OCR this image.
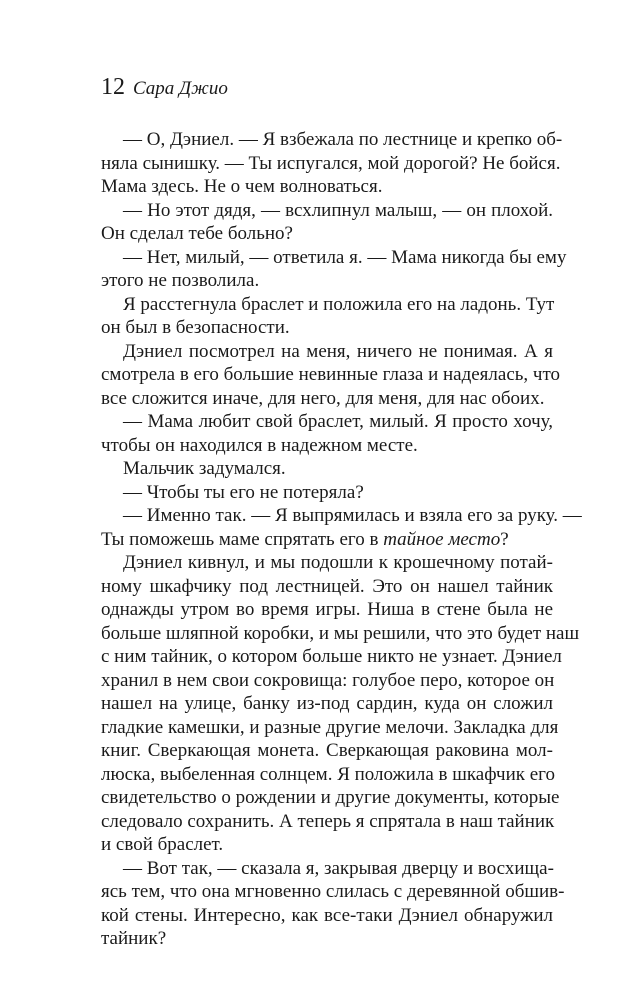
12 Сара Джио
— О, Дэниел. — Я взбежала по лестнице и крепко об-
няла сынишку. — Ты испугался, мой дорогой? Не бойся.
Мама здесь. Не о чем волноваться.
— Но этот дядя, — всхлипнул малыш, — он плохой.
Он сделал тебе больно?
— Нет, милый, — ответила я. — Мама никогда бы ему
этого не позволила.
Я расстегнула браслет и положила его на ладонь. Тут
он был в безопасности.
Дэниел посмотрел на меня, ничего не понимая. А я
смотрела в его большие невинные глаза и надеялась, что
все сложится иначе, для него, для меня, для нас обоих.
— Мама любит свой браслет, милый. Я просто хочу,
чтобы он находился в надежном месте.
Мальчик задумался.
— Чтобы ты его не потеряла?
— Именно так. — Я выпрямилась и взяла его за руку. —
Ты поможешь маме спрятать его в тайное место?
Дэниел кивнул, и мы подошли к крошечному потай-
ному шкафчику под лестницей. Это он нашел тайник
однажды утром во время игры. Ниша в стене была не
больше шляпной коробки, и мы решили, что это будет наш
с ним тайник, о котором больше никто не узнает. Дэниел
хранил в нем свои сокровища: голубое перо, которое он
нашел на улице, банку из-под сардин, куда он сложил
гладкие камешки, и разные другие мелочи. Закладка для
книг. Сверкающая монета. Сверкающая раковина мол-
люска, выбеленная солнцем. Я положила в шкафчик его
свидетельство о рождении и другие документы, которые
следовало сохранить. А теперь я спрятала в наш тайник
и свой браслет.
— Вот так, — сказала я, закрывая дверцу и восхища-
ясь тем, что она мгновенно слилась с деревянной обшив-
кой стены. Интересно, как все-таки Дэниел обнаружил
тайник?
